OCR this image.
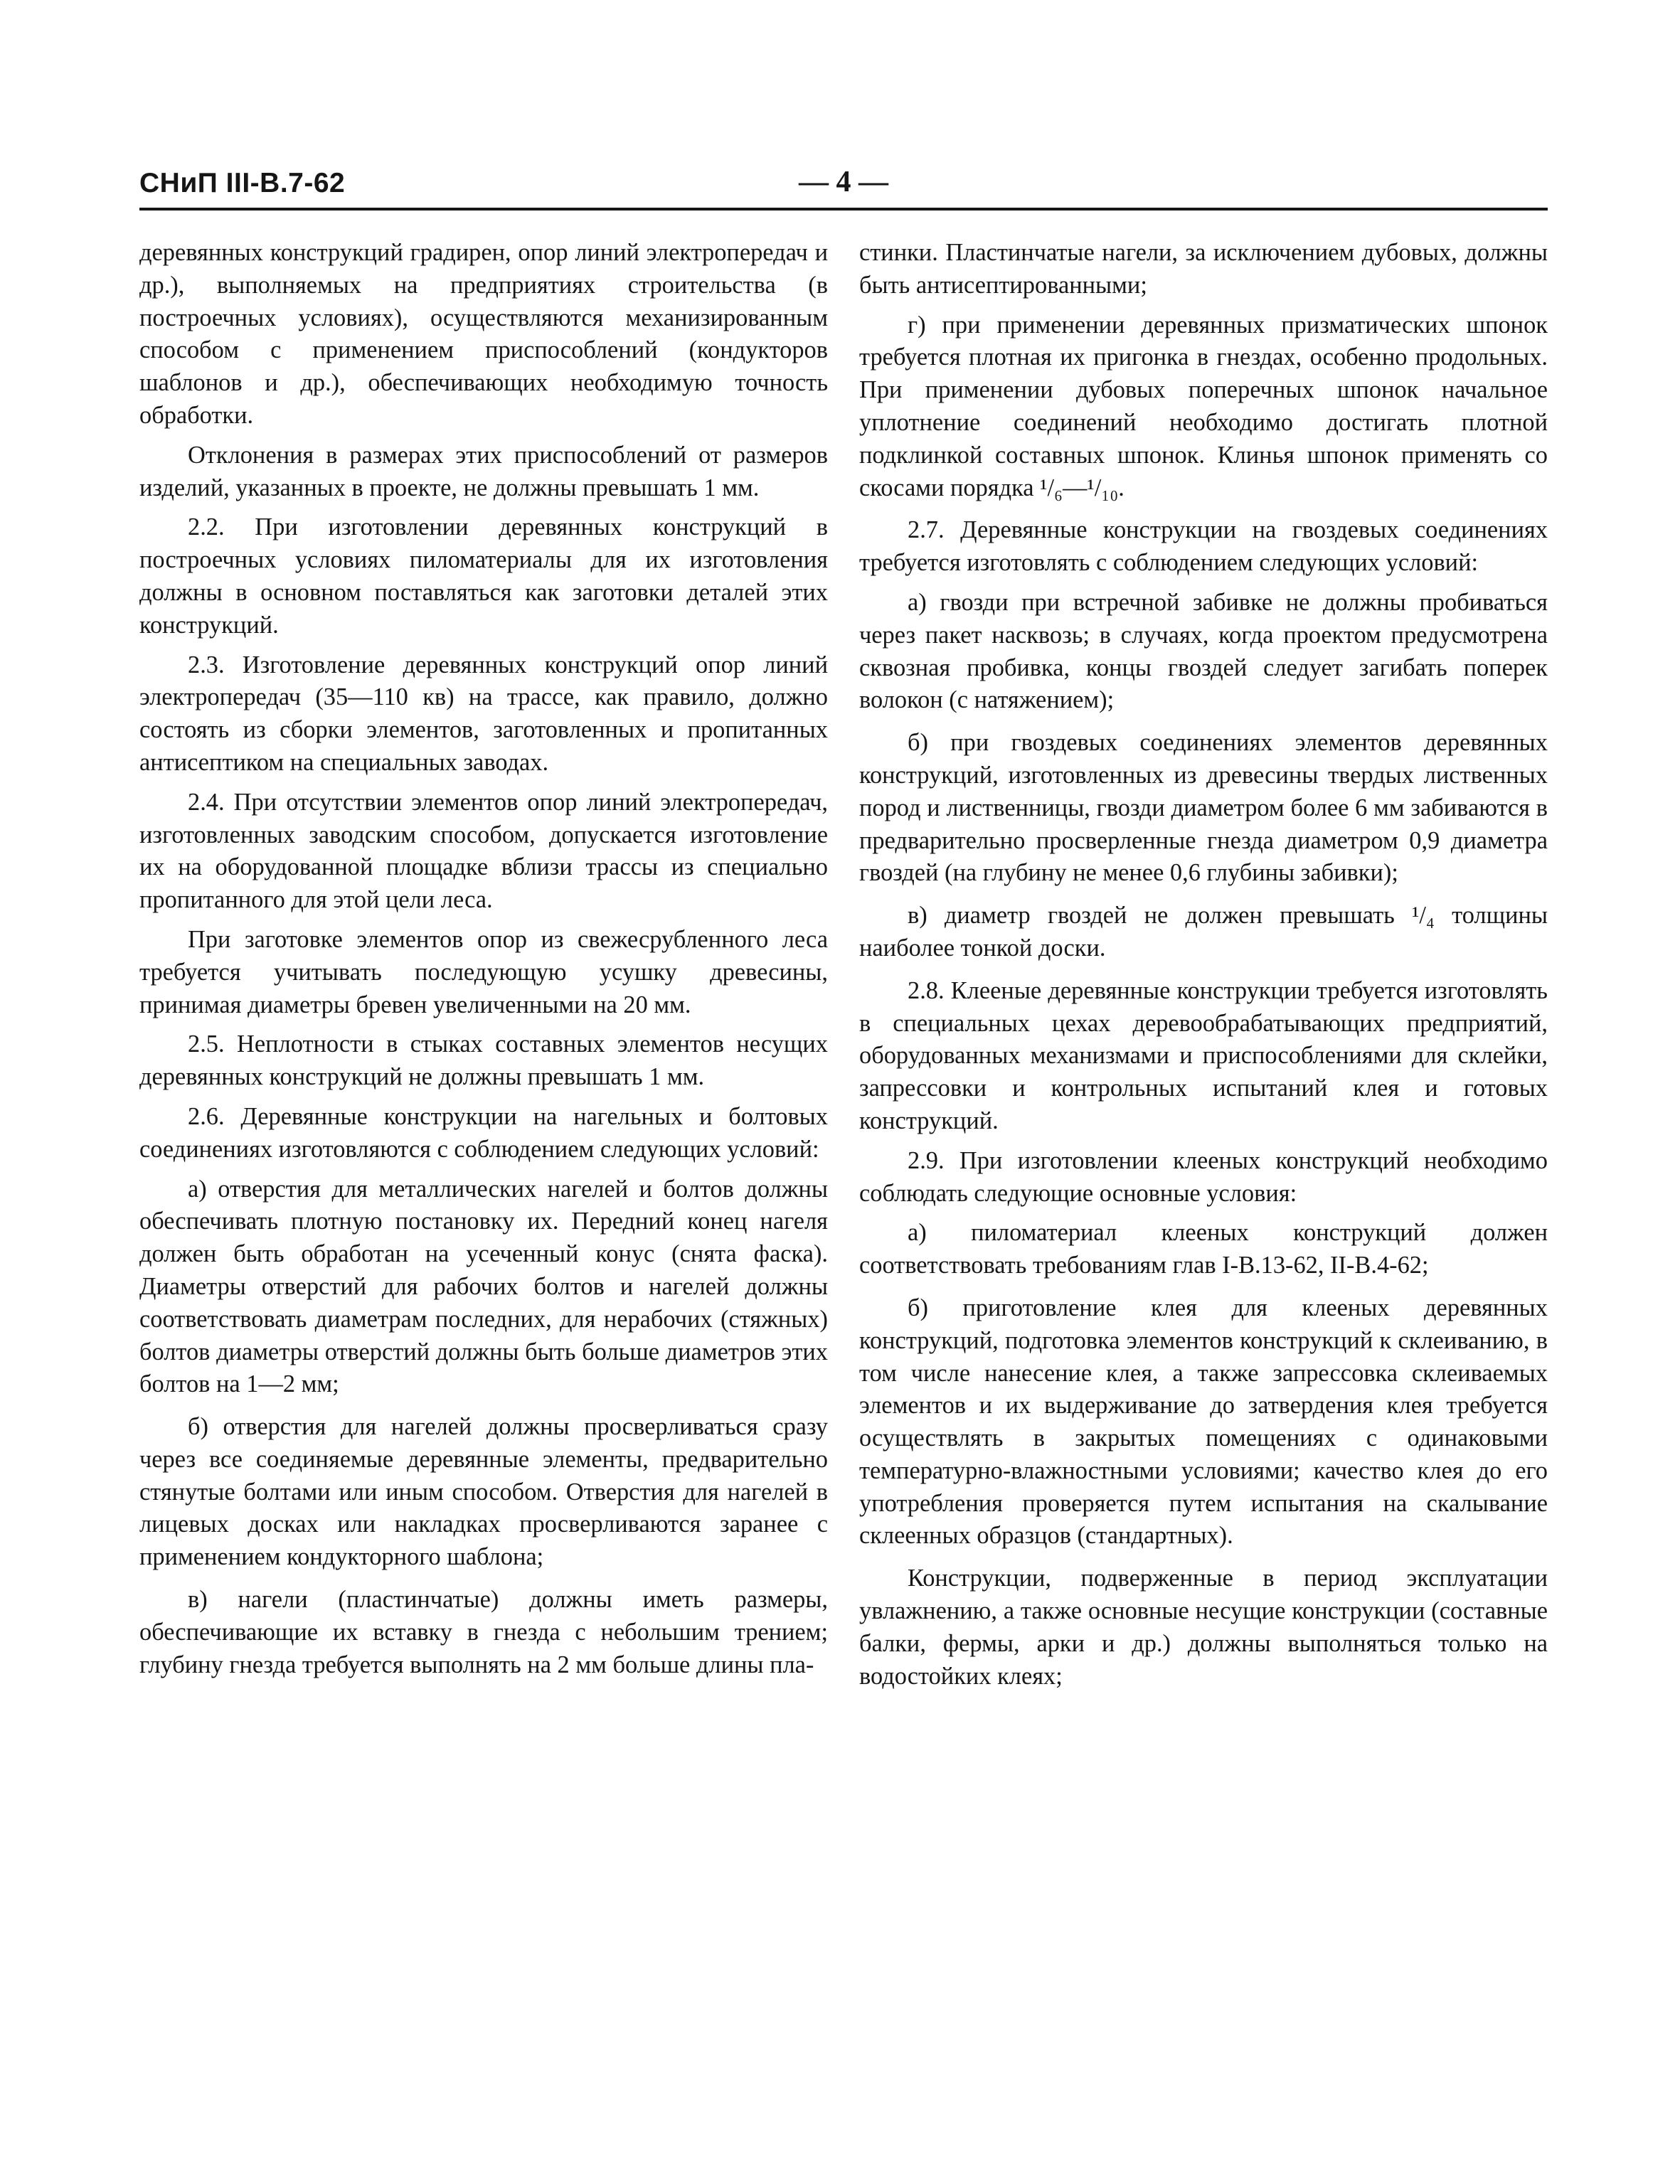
СНиП III-В.7-62	— 4 —

деревянных конструкций градирен, опор линий электропередач и др.), выполняемых на предприятиях строительства (в построечных условиях), осуществляются механизированным способом с применением приспособлений (кондукторов шаблонов и др.), обеспечивающих необходимую точность обработки.

Отклонения в размерах этих приспособлений от размеров изделий, указанных в проекте, не должны превышать 1 мм.

2.2. При изготовлении деревянных конструкций в построечных условиях пиломатериалы для их изготовления должны в основном поставляться как заготовки деталей этих конструкций.

2.3. Изготовление деревянных конструкций опор линий электропередач (35—110 кв) на трассе, как правило, должно состоять из сборки элементов, заготовленных и пропитанных антисептиком на специальных заводах.

2.4. При отсутствии элементов опор линий электропередач, изготовленных заводским способом, допускается изготовление их на оборудованной площадке вблизи трассы из специально пропитанного для этой цели леса.

При заготовке элементов опор из свежесрубленного леса требуется учитывать последующую усушку древесины, принимая диаметры бревен увеличенными на 20 мм.

2.5. Неплотности в стыках составных элементов несущих деревянных конструкций не должны превышать 1 мм.

2.6. Деревянные конструкции на нагельных и болтовых соединениях изготовляются с соблюдением следующих условий:

а) отверстия для металлических нагелей и болтов должны обеспечивать плотную постановку их. Передний конец нагеля должен быть обработан на усеченный конус (снята фаска). Диаметры отверстий для рабочих болтов и нагелей должны соответствовать диаметрам последних, для нерабочих (стяжных) болтов диаметры отверстий должны быть больше диаметров этих болтов на 1—2 мм;

б) отверстия для нагелей должны просверливаться сразу через все соединяемые деревянные элементы, предварительно стянутые болтами или иным способом. Отверстия для нагелей в лицевых досках или накладках просверливаются заранее с применением кондукторного шаблона;

в) нагели (пластинчатые) должны иметь размеры, обеспечивающие их вставку в гнезда с небольшим трением; глубину гнезда требуется выполнять на 2 мм больше длины пла-

стинки. Пластинчатые нагели, за исключением дубовых, должны быть антисептированными;

г) при применении деревянных призматических шпонок требуется плотная их пригонка в гнездах, особенно продольных. При применении дубовых поперечных шпонок начальное уплотнение соединений необходимо достигать плотной подклинкой составных шпонок. Клинья шпонок применять со скосами порядка ¹/₆—¹/₁₀.

2.7. Деревянные конструкции на гвоздевых соединениях требуется изготовлять с соблюдением следующих условий:

а) гвозди при встречной забивке не должны пробиваться через пакет насквозь; в случаях, когда проектом предусмотрена сквозная пробивка, концы гвоздей следует загибать поперек волокон (с натяжением);

б) при гвоздевых соединениях элементов деревянных конструкций, изготовленных из древесины твердых лиственных пород и лиственницы, гвозди диаметром более 6 мм забиваются в предварительно просверленные гнезда диаметром 0,9 диаметра гвоздей (на глубину не менее 0,6 глубины забивки);

в) диаметр гвоздей не должен превышать ¹/₄ толщины наиболее тонкой доски.

2.8. Клееные деревянные конструкции требуется изготовлять в специальных цехах деревообрабатывающих предприятий, оборудованных механизмами и приспособлениями для склейки, запрессовки и контрольных испытаний клея и готовых конструкций.

2.9. При изготовлении клееных конструкций необходимо соблюдать следующие основные условия:

а) пиломатериал клееных конструкций должен соответствовать требованиям глав I-В.13-62, II-В.4-62;

б) приготовление клея для клееных деревянных конструкций, подготовка элементов конструкций к склеиванию, в том числе нанесение клея, а также запрессовка склеиваемых элементов и их выдерживание до затвердения клея требуется осуществлять в закрытых помещениях с одинаковыми температурно-влажностными условиями; качество клея до его употребления проверяется путем испытания на скалывание склеенных образцов (стандартных).

Конструкции, подверженные в период эксплуатации увлажнению, а также основные несущие конструкции (составные балки, фермы, арки и др.) должны выполняться только на водостойких клеях;
